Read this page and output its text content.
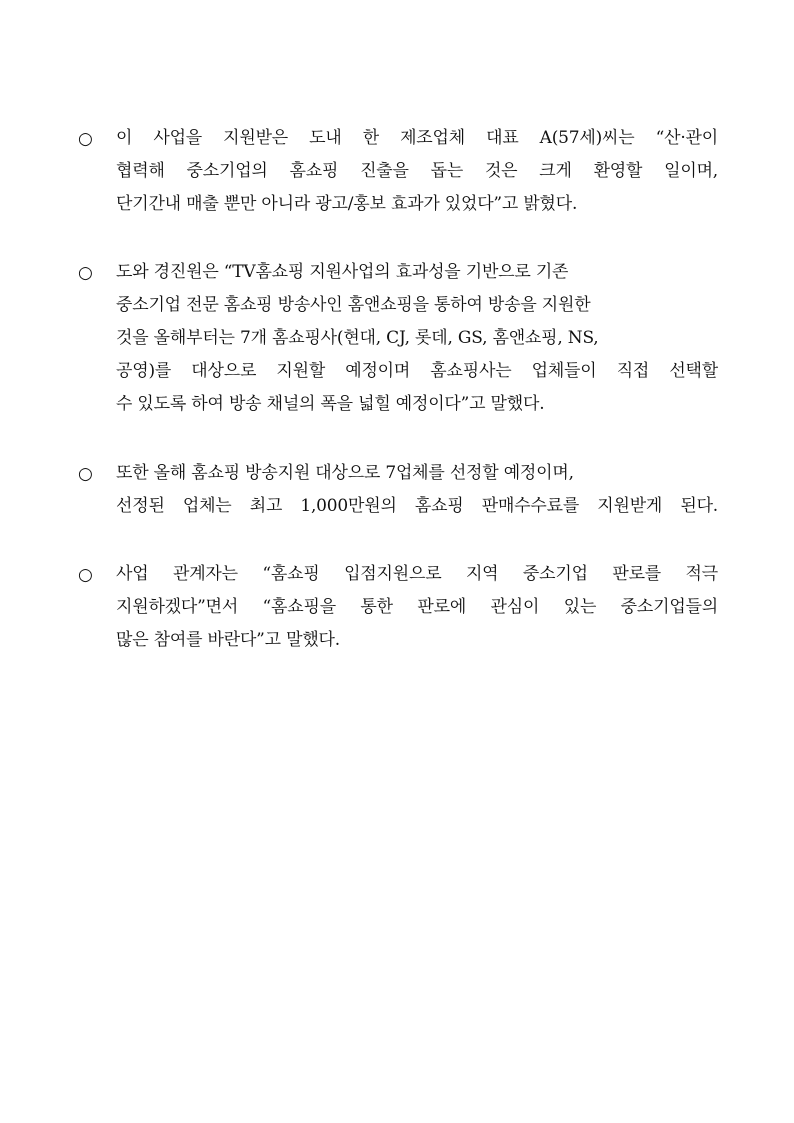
○ 이 사업을 지원받은 도내 한 제조업체 대표 A(57세)씨는 “산·관이
협력해 중소기업의 홈쇼핑 진출을 돕는 것은 크게 환영할 일이며,
단기간내 매출 뿐만 아니라 광고/홍보 효과가 있었다”고 밝혔다.
○ 도와 경진원은 “TV홈쇼핑 지원사업의 효과성을 기반으로 기존
중소기업 전문 홈쇼핑 방송사인 홈앤쇼핑을 통하여 방송을 지원한
것을 올해부터는 7개 홈쇼핑사(현대, CJ, 롯데, GS, 홈앤쇼핑, NS,
공영)를 대상으로 지원할 예정이며 홈쇼핑사는 업체들이 직접 선택할
수 있도록 하여 방송 채널의 폭을 넓힐 예정이다”고 말했다.
○ 또한 올해 홈쇼핑 방송지원 대상으로 7업체를 선정할 예정이며,
선정된 업체는 최고 1,000만원의 홈쇼핑 판매수수료를 지원받게 된다.
○ 사업 관계자는 “홈쇼핑 입점지원으로 지역 중소기업 판로를 적극
지원하겠다”면서 “홈쇼핑을 통한 판로에 관심이 있는 중소기업들의
많은 참여를 바란다”고 말했다.
